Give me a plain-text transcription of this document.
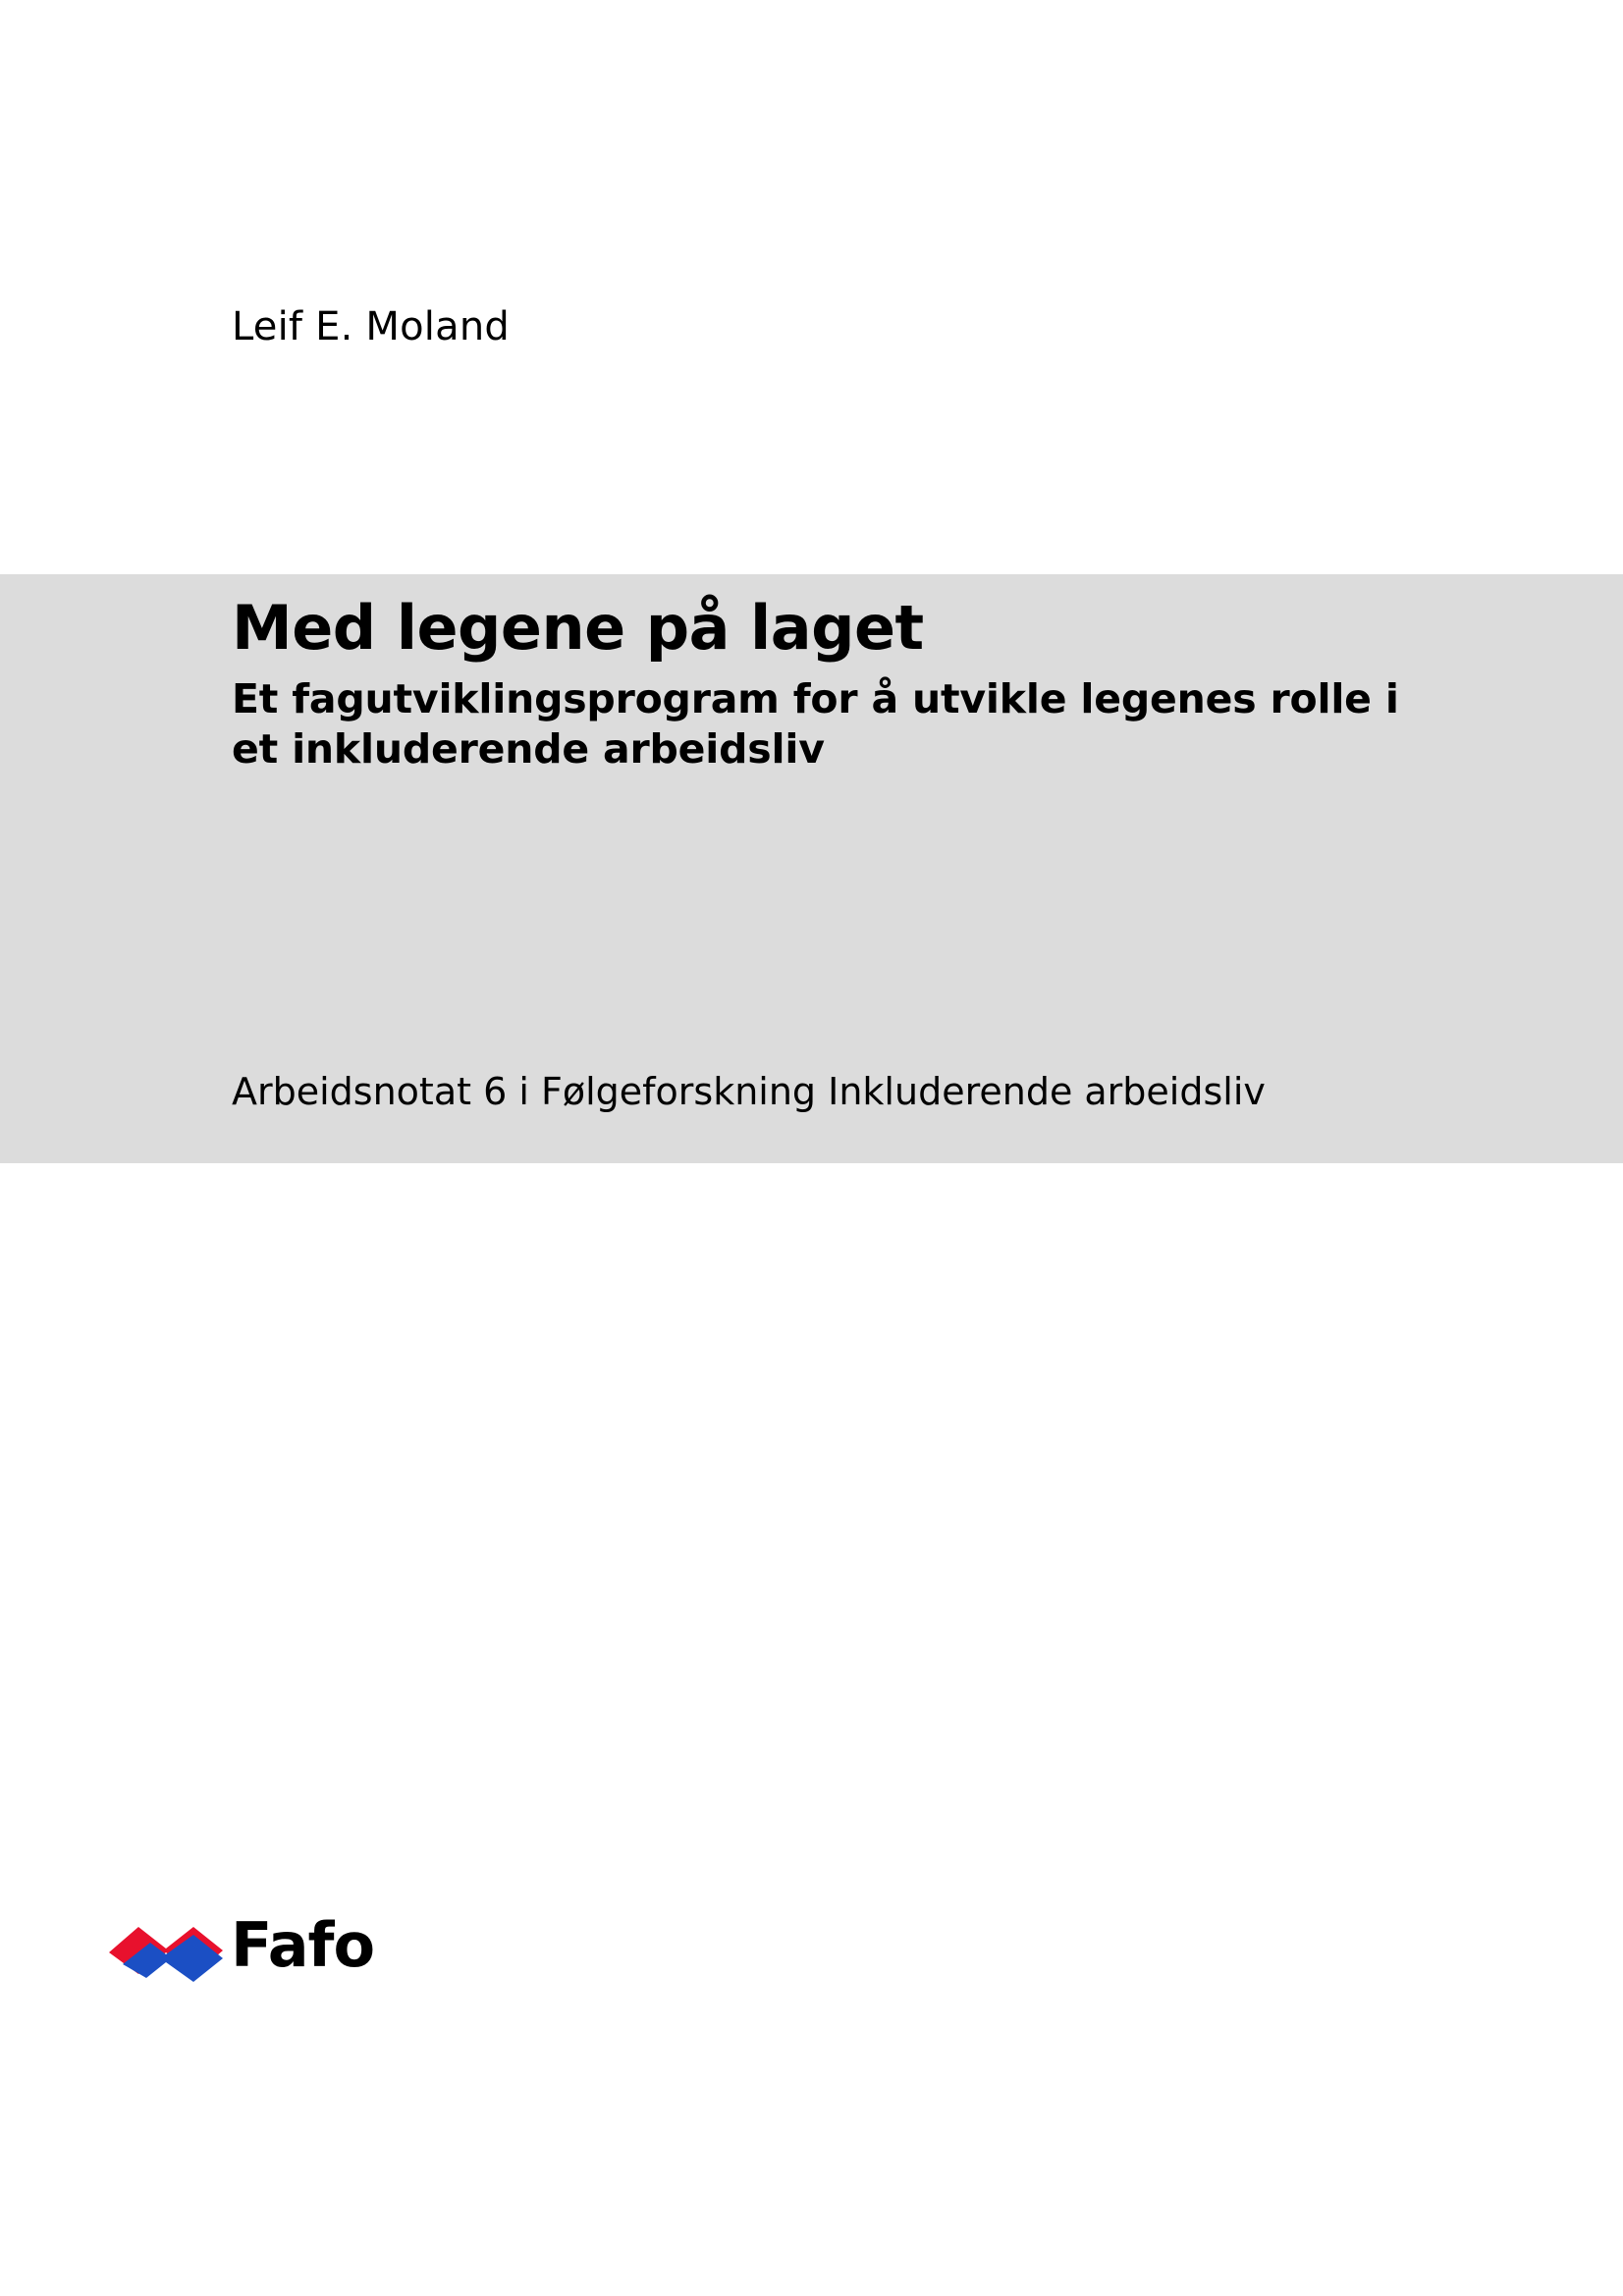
Leif E. Moland
Med legene på laget
Et fagutviklingsprogram for å utvikle legenes rolle i et inkluderende arbeidsliv
Arbeidsnotat 6 i Følgeforskning Inkluderende arbeidsliv
Fafo
